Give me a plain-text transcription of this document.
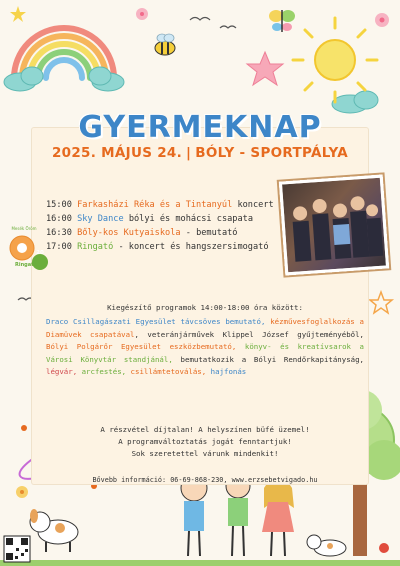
Mesék Öröm
Ringató
20
GYERMEKNAP
2025. MÁJUS 24. | BÓLY - SPORTPÁLYA
15:00 Farkasházi Réka és a Tintanyúl koncert
16:00 Sky Dance bólyi és mohácsi csapata
16:30 Bőly-kos Kutyaiskola - bemutató
17:00 Ringató - koncert és hangszersimogató
Kiegészítő programok 14:00-18:00 óra között:
Draco Csillagászati Egyesület távcsöves bemutató, kézművesfoglalkozás a Diamüvek csapatával, veteránjárművek Klippel József gyűjteményéből, Bólyi Polgárőr Egyesület eszközbemutató, könyv- és kreatívsarok a Városi Könyvtár standjánál, bemutatkozik a Bólyi Rendőrkapitányság, légvár, arcfestés, csillámtetoválás, hajfonás
A részvétel díjtalan! A helyszínen büfé üzemel!
A programváltoztatás jogát fenntartjuk!
Sok szeretettel várunk mindenkit!
Bővebb információ: 06-69-868-230, www.erzsebetvigado.hu
